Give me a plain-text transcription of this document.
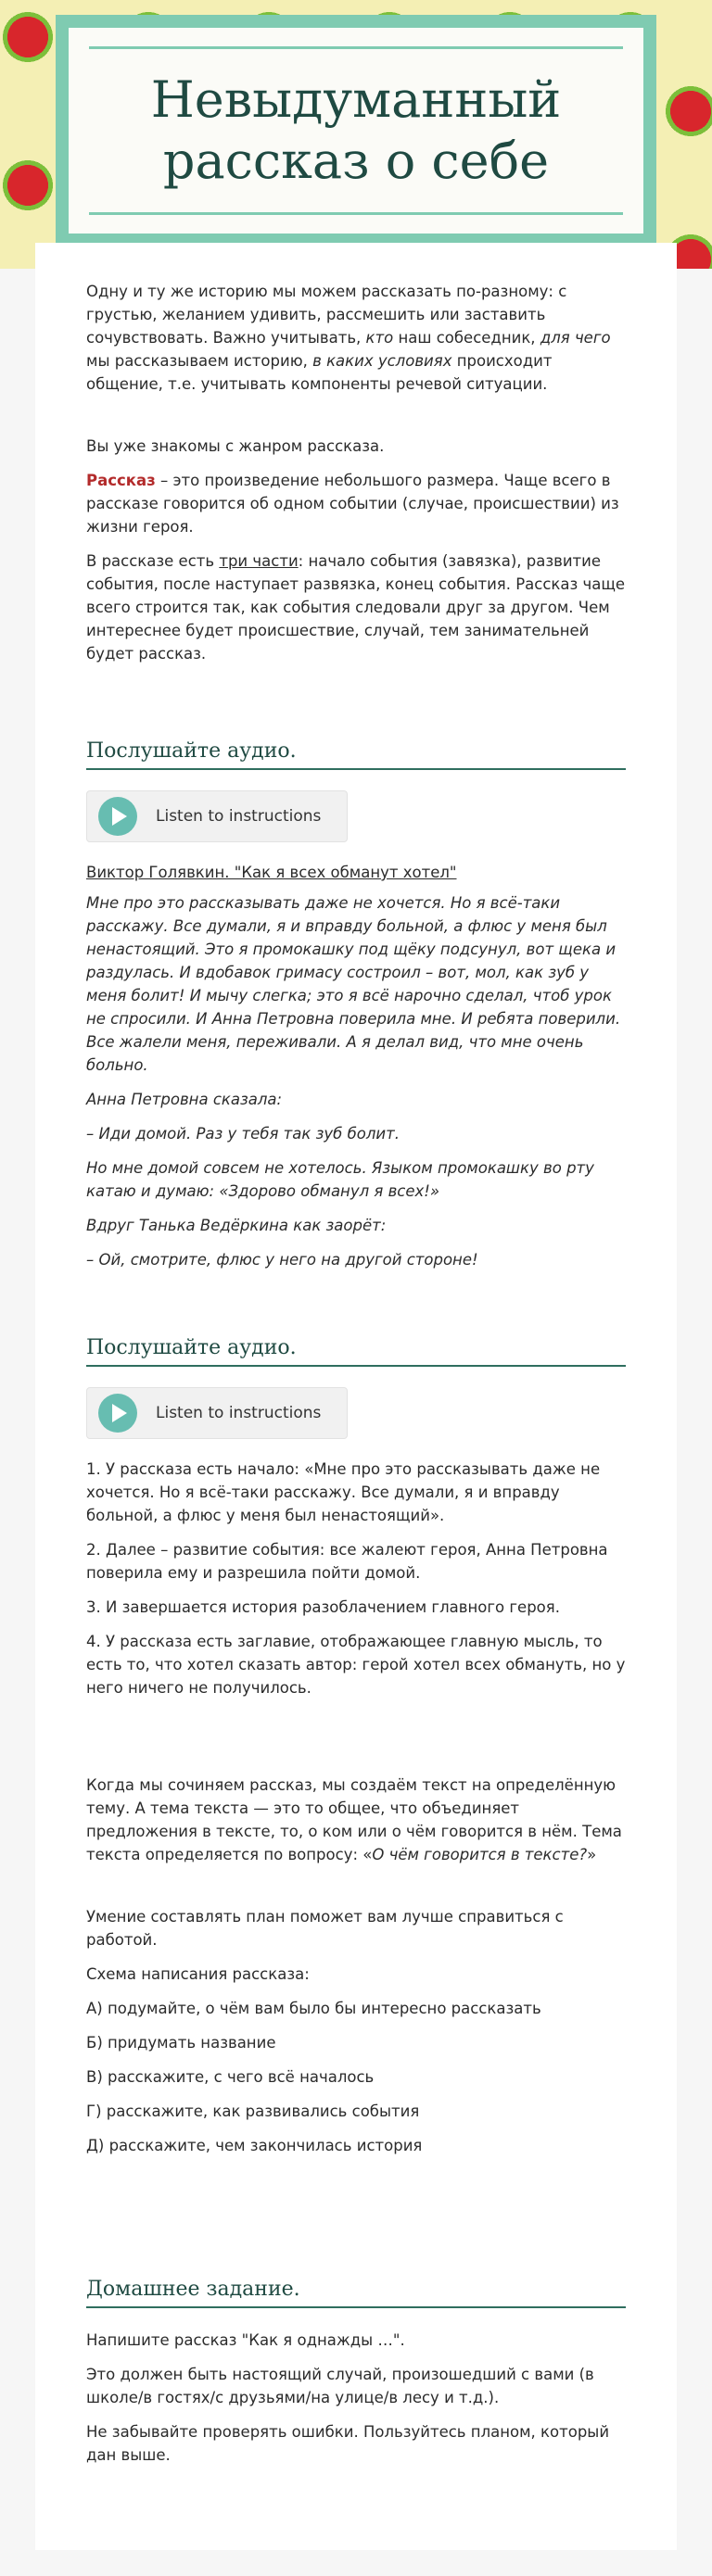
Невыдуманный рассказ о себе

Одну и ту же историю мы можем рассказать по-разному: с грустью, желанием удивить, рассмешить или заставить сочувствовать. Важно учитывать, кто наш собеседник, для чего мы рассказываем историю, в каких условиях происходит общение, т.е. учитывать компоненты речевой ситуации.

Вы уже знакомы с жанром рассказа.

Рассказ – это произведение небольшого размера. Чаще всего в рассказе говорится об одном событии (случае, происшествии) из жизни героя.

В рассказе есть три части: начало события (завязка), развитие события, после наступает развязка, конец события. Рассказ чаще всего строится так, как события следовали друг за другом. Чем интереснее будет происшествие, случай, тем занимательней будет рассказ.

Послушайте аудио.
Listen to instructions
Виктор Голявкин. "Как я всех обманут хотел"

Мне про это рассказывать даже не хочется. Но я всё-таки расскажу. Все думали, я и вправду больной, а флюс у меня был ненастоящий. Это я промокашку под щёку подсунул, вот щека и раздулась. И вдобавок гримасу состроил – вот, мол, как зуб у меня болит! И мычу слегка; это я всё нарочно сделал, чтоб урок не спросили. И Анна Петровна поверила мне. И ребята поверили. Все жалели меня, переживали. А я делал вид, что мне очень больно.

Анна Петровна сказала:

– Иди домой. Раз у тебя так зуб болит.

Но мне домой совсем не хотелось. Языком промокашку во рту катаю и думаю: «Здорово обманул я всех!»

Вдруг Танька Ведёркина как заорёт:

– Ой, смотрите, флюс у него на другой стороне!

Послушайте аудио.
Listen to instructions

1. У рассказа есть начало: «Мне про это рассказывать даже не хочется. Но я всё-таки расскажу. Все думали, я и вправду больной, а флюс у меня был ненастоящий».

2. Далее – развитие события: все жалеют героя, Анна Петровна поверила ему и разрешила пойти домой.

3. И завершается история разоблачением главного героя.

4. У рассказа есть заглавие, отображающее главную мысль, то есть то, что хотел сказать автор: герой хотел всех обмануть, но у него ничего не получилось.

Когда мы сочиняем рассказ, мы создаём текст на определённую тему. А тема текста — это то общее, что объединяет предложения в тексте, то, о ком или о чём говорится в нём. Тема текста определяется по вопросу: «О чём говорится в тексте?»

Умение составлять план поможет вам лучше справиться с работой.

Схема написания рассказа:

А) подумайте, о чём вам было бы интересно рассказать

Б) придумать название

В) расскажите, с чего всё началось

Г) расскажите, как развивались события

Д) расскажите, чем закончилась история

Домашнее задание.

Напишите рассказ "Как я однажды …".

Это должен быть настоящий случай, произошедший с вами (в школе/в гостях/с друзьями/на улице/в лесу и т.д.).

Не забывайте проверять ошибки. Пользуйтесь планом, который дан выше.
